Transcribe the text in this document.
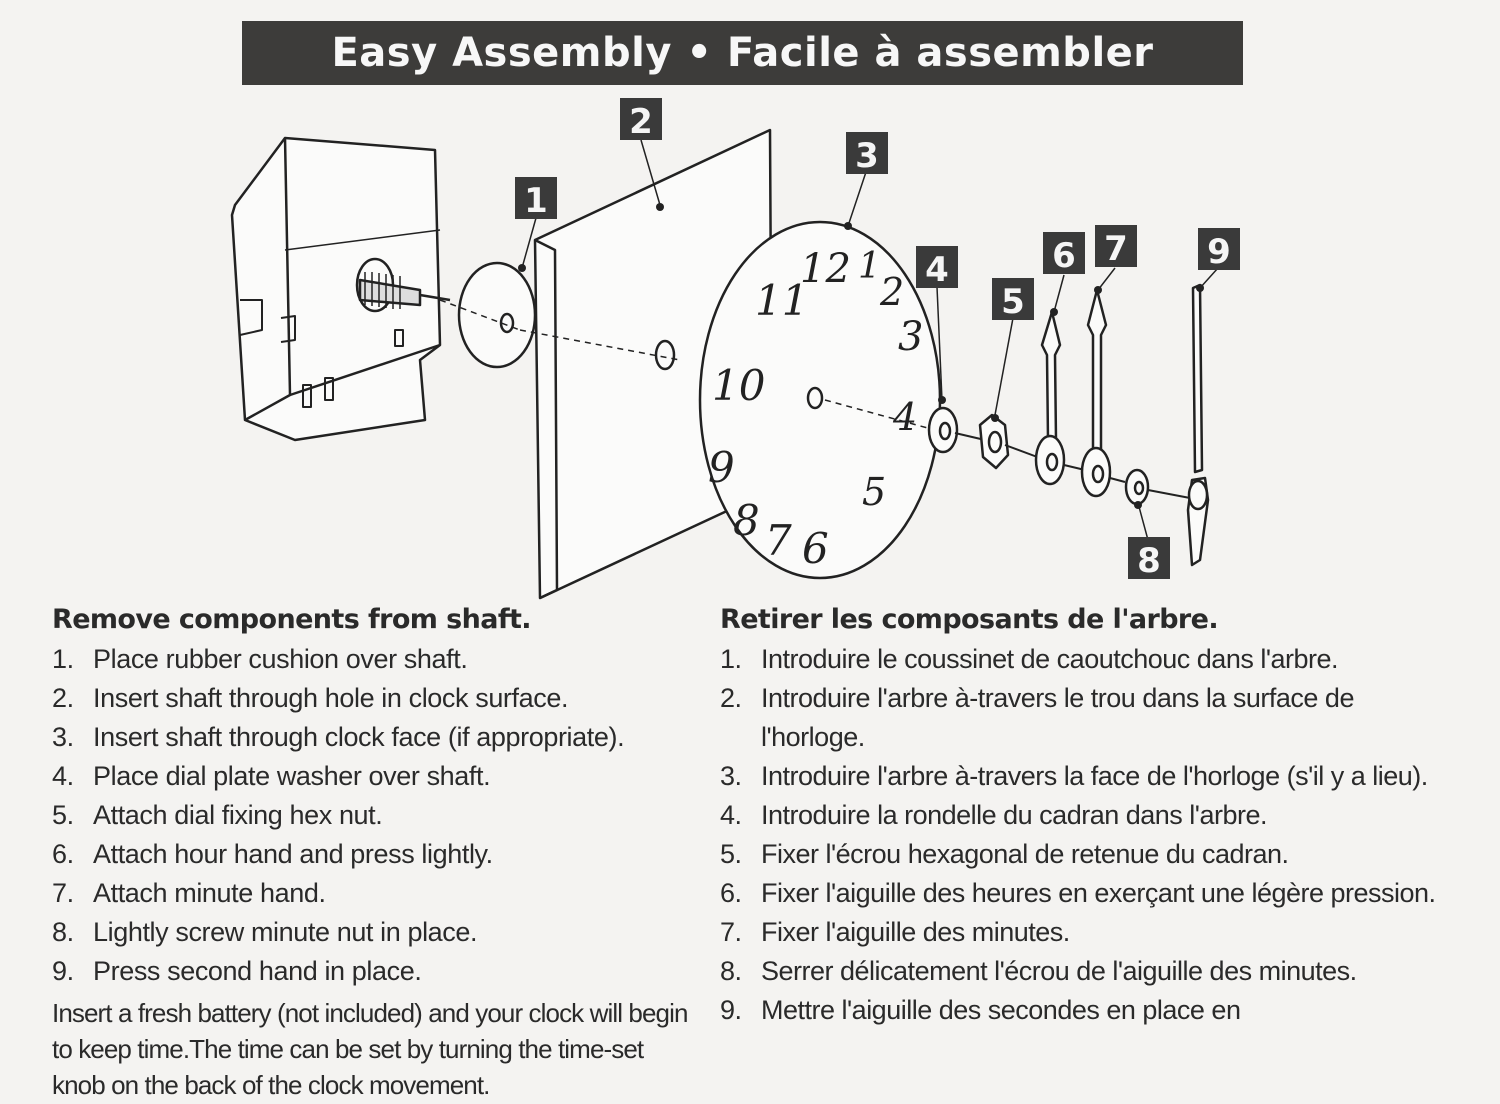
Easy Assembly • Facile à assembler
12 1
2
3
4
5
6
7
8
9
10
11
1
2
3
4
5
6 7
8
9
Remove components from shaft.
1. Place rubber cushion over shaft.
2. Insert shaft through hole in clock surface.
3. Insert shaft through clock face (if appropriate).
4. Place dial plate washer over shaft.
5. Attach dial fixing hex nut.
6. Attach hour hand and press lightly.
7. Attach minute hand.
8. Lightly screw minute nut in place.
9. Press second hand in place.
Insert a fresh battery (not included) and your clock will begin to keep time.The time can be set by turning the time-set knob on the back of the clock movement.
Retirer les composants de l'arbre.
1. Introduire le coussinet de caoutchouc dans l'arbre.
2. Introduire l'arbre à-travers le trou dans la surface de l'horloge.
3. Introduire l'arbre à-travers la face de l'horloge (s'il y a lieu).
4. Introduire la rondelle du cadran dans l'arbre.
5. Fixer l'écrou hexagonal de retenue du cadran.
6. Fixer l'aiguille des heures en exerçant une légère pression.
7. Fixer l'aiguille des minutes.
8. Serrer délicatement l'écrou de l'aiguille des minutes.
9. Mettre l'aiguille des secondes en place en
